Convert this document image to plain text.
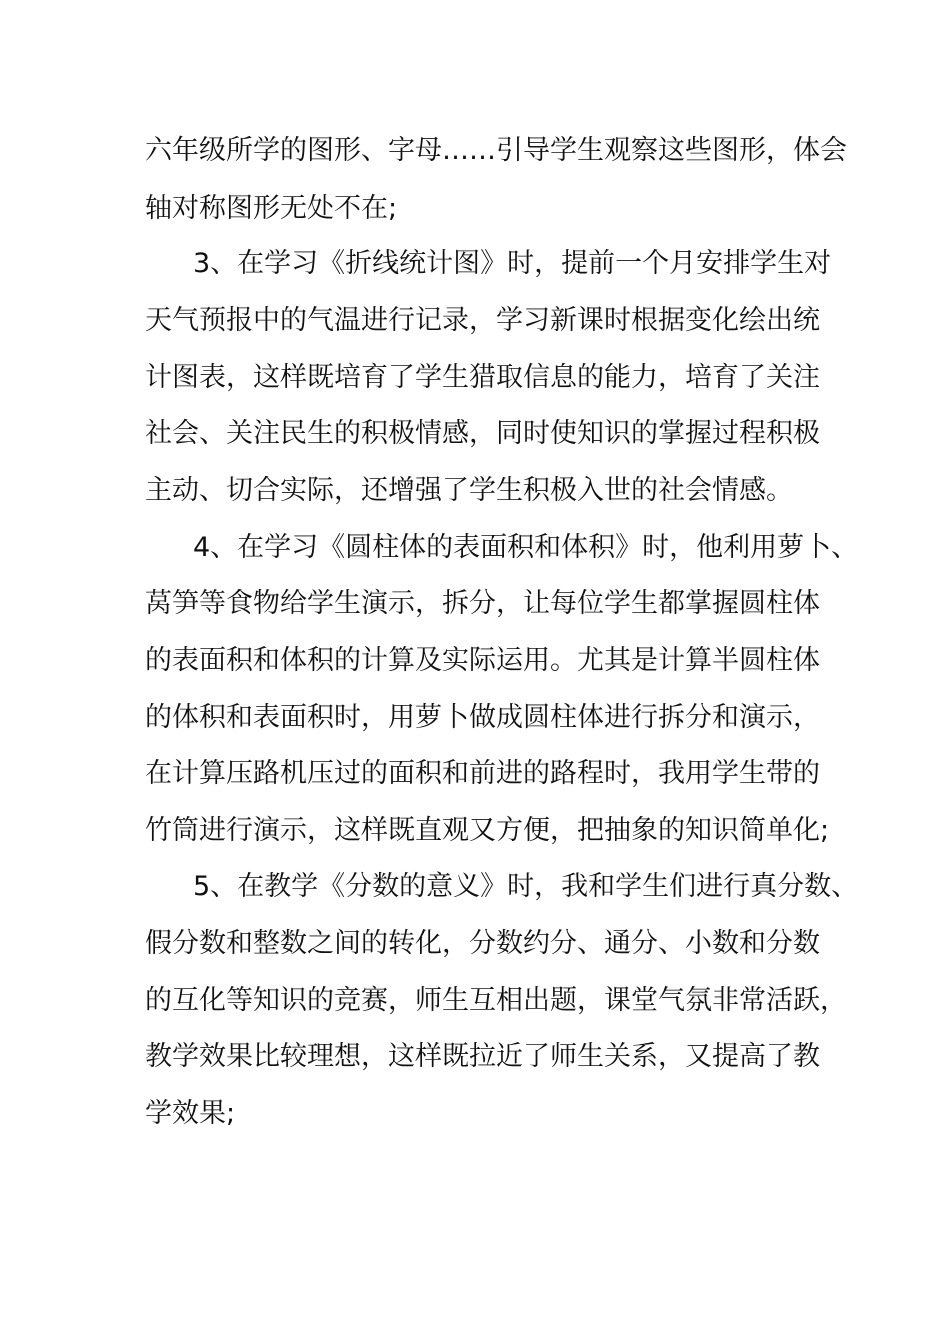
六年级所学的图形、字母……引导学生观察这些图形，体会
轴对称图形无处不在;
3、在学习《折线统计图》时，提前一个月安排学生对
天气预报中的气温进行记录，学习新课时根据变化绘出统
计图表，这样既培育了学生猎取信息的能力，培育了关注
社会、关注民生的积极情感，同时使知识的掌握过程积极
主动、切合实际，还增强了学生积极入世的社会情感。
4、在学习《圆柱体的表面积和体积》时，他利用萝卜、
莴笋等食物给学生演示，拆分，让每位学生都掌握圆柱体
的表面积和体积的计算及实际运用。尤其是计算半圆柱体
的体积和表面积时，用萝卜做成圆柱体进行拆分和演示，
在计算压路机压过的面积和前进的路程时，我用学生带的
竹筒进行演示，这样既直观又方便，把抽象的知识简单化;
5、在教学《分数的意义》时，我和学生们进行真分数、
假分数和整数之间的转化，分数约分、通分、小数和分数
的互化等知识的竞赛，师生互相出题，课堂气氛非常活跃，
教学效果比较理想，这样既拉近了师生关系，又提高了教
学效果;
